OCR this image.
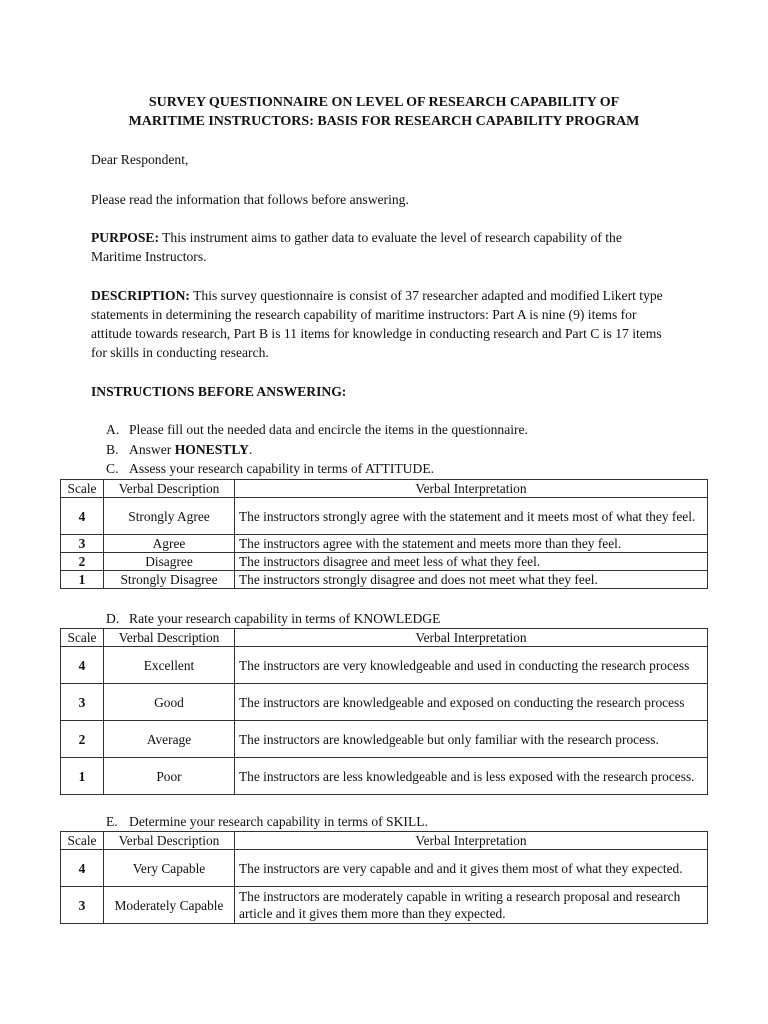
SURVEY QUESTIONNAIRE ON LEVEL OF RESEARCH CAPABILITY OF
MARITIME INSTRUCTORS: BASIS FOR RESEARCH CAPABILITY PROGRAM
Dear Respondent,
Please read the information that follows before answering.
PURPOSE: This instrument aims to gather data to evaluate the level of research capability of the Maritime Instructors.
DESCRIPTION: This survey questionnaire is consist of 37 researcher adapted and modified Likert type statements in determining the research capability of maritime instructors: Part A is nine (9) items for attitude towards research, Part B is 11 items for knowledge in conducting research and Part C is 17 items for skills in conducting research.
INSTRUCTIONS BEFORE ANSWERING:
A. Please fill out the needed data and encircle the items in the questionnaire.
B. Answer HONESTLY.
C. Assess your research capability in terms of ATTITUDE.
Scale	Verbal Description	Verbal Interpretation
4	Strongly Agree	The instructors strongly agree with the statement and it meets most of what they feel.
3	Agree	The instructors agree with the statement and meets more than they feel.
2	Disagree	The instructors disagree and meet less of what they feel.
1	Strongly Disagree	The instructors strongly disagree and does not meet what they feel.
D. Rate your research capability in terms of KNOWLEDGE
Scale	Verbal Description	Verbal Interpretation
4	Excellent	The instructors are very knowledgeable and used in conducting the research process
3	Good	The instructors are knowledgeable and exposed on conducting the research process
2	Average	The instructors are knowledgeable but only familiar with the research process.
1	Poor	The instructors are less knowledgeable and is less exposed with the research process.
E. Determine your research capability in terms of SKILL.
Scale	Verbal Description	Verbal Interpretation
4	Very Capable	The instructors are very capable and and it gives them most of what they expected.
3	Moderately Capable	The instructors are moderately capable in writing a research proposal and research article and it gives them more than they expected.
